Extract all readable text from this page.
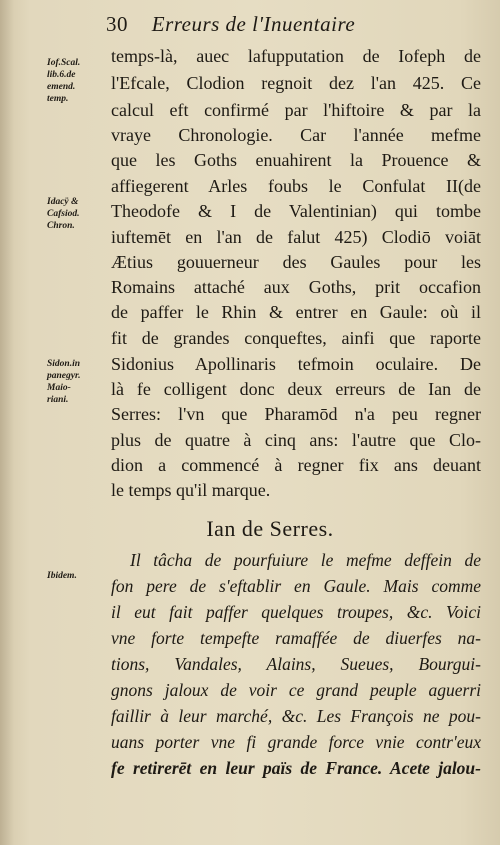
30 Erreurs de l'Inuentaire
Iof.Scal.
lib.6.de
emend.
temp.
Idacÿ &
Cafsiod.
Chron.
Sidon.in
panegyr.
Maio-
riani.
Ibidem.
temps-là, auec lafupputation de Iofeph de
l'Efcale, Clodion regnoit dez l'an 425. Ce
calcul eft confirmé par l'hiftoire & par la
vraye Chronologie. Car l'année mefme
que les Goths enuahirent la Prouence &
affiegerent Arles foubs le Confulat II(de
Theodofe & I de Valentinian) qui tombe
iuftemēt en l'an de falut 425) Clodiō voiāt
Ætius gouuerneur des Gaules pour les
Romains attaché aux Goths, prit occafion
de paffer le Rhin & entrer en Gaule: où il
fit de grandes conqueftes, ainfi que raporte
Sidonius Apollinaris tefmoin oculaire. De
là fe colligent donc deux erreurs de Ian de
Serres: l'vn que Pharamōd n'a peu regner
plus de quatre à cinq ans: l'autre que Clo-
dion a commencé à regner fix ans deuant
le temps qu'il marque.
Ian de Serres.
Il tâcha de pourfuiure le mefme deffein de
fon pere de s'eftablir en Gaule. Mais comme
il eut fait paffer quelques troupes, &c. Voici
vne forte tempefte ramaffée de diuerfes na-
tions, Vandales, Alains, Sueues, Bourgui-
gnons jaloux de voir ce grand peuple aguerri
faillir à leur marché, &c. Les François ne pou-
uans porter vne fi grande force vnie contr'eux
fe retirerēt en leur païs de France. Acete jalou-
